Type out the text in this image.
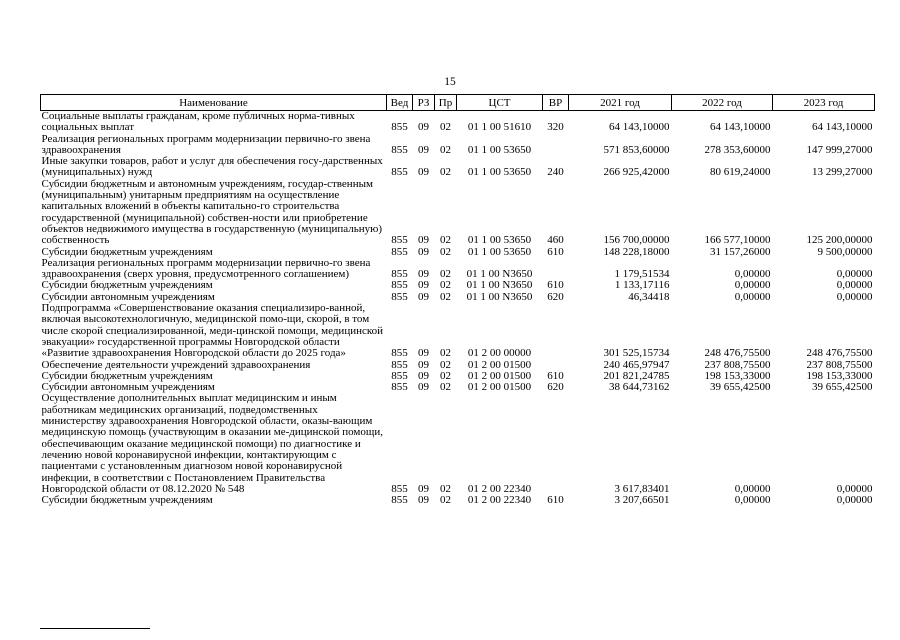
15
Наименование	Вед	РЗ	Пр	ЦСТ	ВР	2021 год	2022 год	2023 год
Социальные выплаты гражданам, кроме публичных норма-тивных социальных выплат	855	09	02	01 1 00 51610	320	64 143,10000	64 143,10000	64 143,10000
Реализация региональных программ модернизации первично-го звена здравоохранения	855	09	02	01 1 00 53650		571 853,60000	278 353,60000	147 999,27000
Иные закупки товаров, работ и услуг для обеспечения госу-дарственных (муниципальных) нужд	855	09	02	01 1 00 53650	240	266 925,42000	80 619,24000	13 299,27000
Субсидии бюджетным и автономным учреждениям, государ-ственным (муниципальным) унитарным предприятиям на осуществление капитальных вложений в объекты капитально-го строительства государственной (муниципальной) собствен-ности или приобретение объектов недвижимого имущества в государственную (муниципальную) собственность	855	09	02	01 1 00 53650	460	156 700,00000	166 577,10000	125 200,00000
Субсидии бюджетным учреждениям	855	09	02	01 1 00 53650	610	148 228,18000	31 157,26000	9 500,00000
Реализация региональных программ модернизации первично-го звена здравоохранения (сверх уровня, предусмотренного соглашением)	855	09	02	01 1 00 N3650		1 179,51534	0,00000	0,00000
Субсидии бюджетным учреждениям	855	09	02	01 1 00 N3650	610	1 133,17116	0,00000	0,00000
Субсидии автономным учреждениям	855	09	02	01 1 00 N3650	620	46,34418	0,00000	0,00000
Подпрограмма «Совершенствование оказания специализиро-ванной, включая высокотехнологичную, медицинской помо-щи, скорой, в том числе скорой специализированной, меди-цинской помощи, медицинской эвакуации» государственной программы Новгородской области «Развитие здравоохранения Новгородской области до 2025 года»	855	09	02	01 2 00 00000		301 525,15734	248 476,75500	248 476,75500
Обеспечение деятельности учреждений здравоохранения	855	09	02	01 2 00 01500		240 465,97947	237 808,75500	237 808,75500
Субсидии бюджетным учреждениям	855	09	02	01 2 00 01500	610	201 821,24785	198 153,33000	198 153,33000
Субсидии автономным учреждениям	855	09	02	01 2 00 01500	620	38 644,73162	39 655,42500	39 655,42500
Осуществление дополнительных выплат медицинским и иным работникам медицинских организаций, подведомственных министерству здравоохранения Новгородской области, оказы-вающим медицинскую помощь (участвующим в оказании ме-дицинской помощи, обеспечивающим оказание медицинской помощи) по диагностике и лечению новой коронавирусной инфекции, контактирующим с пациентами с установленным диагнозом новой коронавирусной инфекции, в соответствии с Постановлением Правительства Новгородской области от 08.12.2020 № 548	855	09	02	01 2 00 22340		3 617,83401	0,00000	0,00000
Субсидии бюджетным учреждениям	855	09	02	01 2 00 22340	610	3 207,66501	0,00000	0,00000
